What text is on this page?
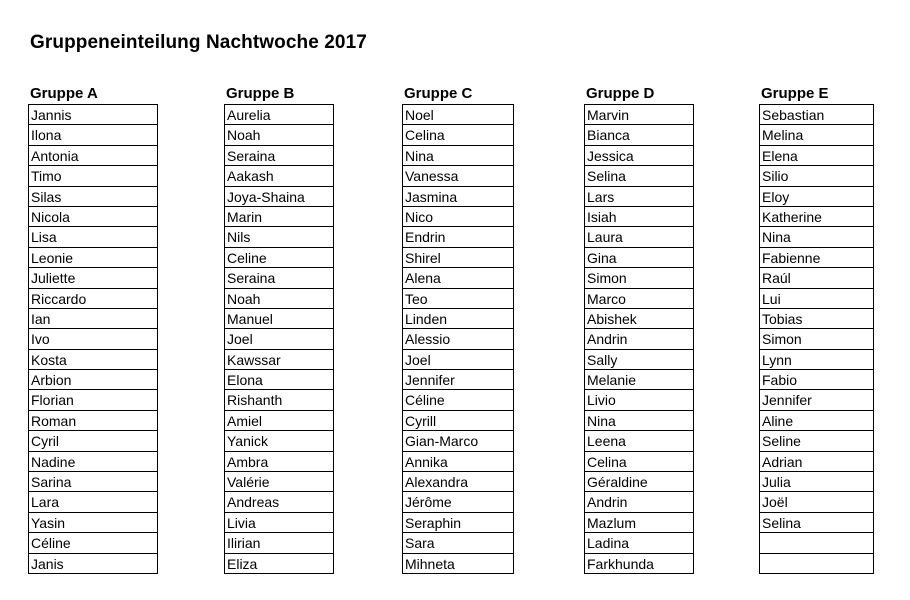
Gruppeneinteilung Nachtwoche 2017
Gruppe A
Jannis
Ilona
Antonia
Timo
Silas
Nicola
Lisa
Leonie
Juliette
Riccardo
Ian
Ivo
Kosta
Arbion
Florian
Roman
Cyril
Nadine
Sarina
Lara
Yasin
Céline
Janis
Gruppe B
Aurelia
Noah
Seraina
Aakash
Joya-Shaina
Marin
Nils
Celine
Seraina
Noah
Manuel
Joel
Kawssar
Elona
Rishanth
Amiel
Yanick
Ambra
Valérie
Andreas
Livia
Ilirian
Eliza
Gruppe C
Noel
Celina
Nina
Vanessa
Jasmina
Nico
Endrin
Shirel
Alena
Teo
Linden
Alessio
Joel
Jennifer
Céline
Cyrill
Gian-Marco
Annika
Alexandra
Jérôme
Seraphin
Sara
Mihneta
Gruppe D
Marvin
Bianca
Jessica
Selina
Lars
Isiah
Laura
Gina
Simon
Marco
Abishek
Andrin
Sally
Melanie
Livio
Nina
Leena
Celina
Géraldine
Andrin
Mazlum
Ladina
Farkhunda
Gruppe E
Sebastian
Melina
Elena
Silio
Eloy
Katherine
Nina
Fabienne
Raúl
Lui
Tobias
Simon
Lynn
Fabio
Jennifer
Aline
Seline
Adrian
Julia
Joël
Selina
